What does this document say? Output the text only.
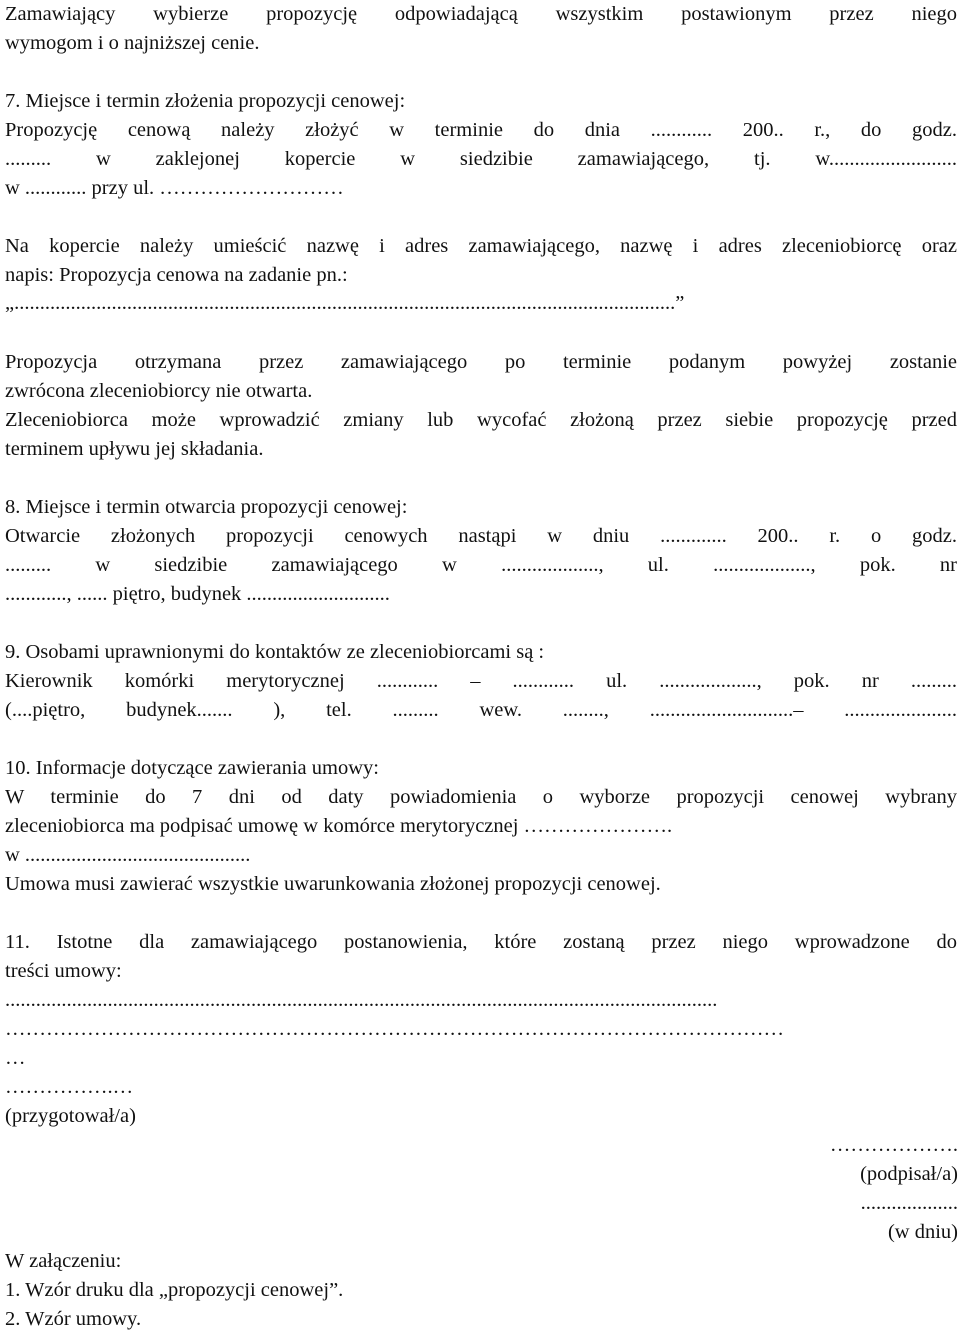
Zamawiający wybierze propozycję odpowiadającą wszystkim postawionym przez niego
wymogom i o najniższej cenie.
7. Miejsce i termin złożenia propozycji cenowej:
Propozycję cenową należy złożyć w terminie do dnia ............ 200.. r., do godz.
......... w zaklejonej kopercie w siedzibie zamawiającego, tj. w.........................
w ............ przy ul. ………………………
Na kopercie należy umieścić nazwę i adres zamawiającego, nazwę i adres zleceniobiorcę oraz
napis: Propozycja cenowa na zadanie pn.:
„.................................................................................................................................”
Propozycja otrzymana przez zamawiającego po terminie podanym powyżej zostanie
zwrócona zleceniobiorcy nie otwarta.
Zleceniobiorca może wprowadzić zmiany lub wycofać złożoną przez siebie propozycję przed
terminem upływu jej składania.
8. Miejsce i termin otwarcia propozycji cenowej:
Otwarcie złożonych propozycji cenowych nastąpi w dniu ............. 200.. r. o godz.
......... w siedzibie zamawiającego w ..................., ul. ..................., pok. nr
............, ...... piętro, budynek ............................
9. Osobami uprawnionymi do kontaktów ze zleceniobiorcami są :
Kierownik komórki merytorycznej ............ – ............ ul. ..................., pok. nr .........
(....piętro, budynek....... ), tel. ......... wew. ........, ............................– ......................
10. Informacje dotyczące zawierania umowy:
W terminie do 7 dni od daty powiadomienia o wyborze propozycji cenowej wybrany
zleceniobiorca ma podpisać umowę w komórce merytorycznej ………………….
w ............................................
Umowa musi zawierać wszystkie uwarunkowania złożonej propozycji cenowej.
11. Istotne dla zamawiającego postanowienia, które zostaną przez niego wprowadzone do
treści umowy:
...........................................................................................................................................
……………………………………………………………………………………………………
…
…………….…
(przygotował/a)
……………….
(podpisał/a)
...................
(w dniu)
W załączeniu:
1. Wzór druku dla „propozycji cenowej”.
2. Wzór umowy.
